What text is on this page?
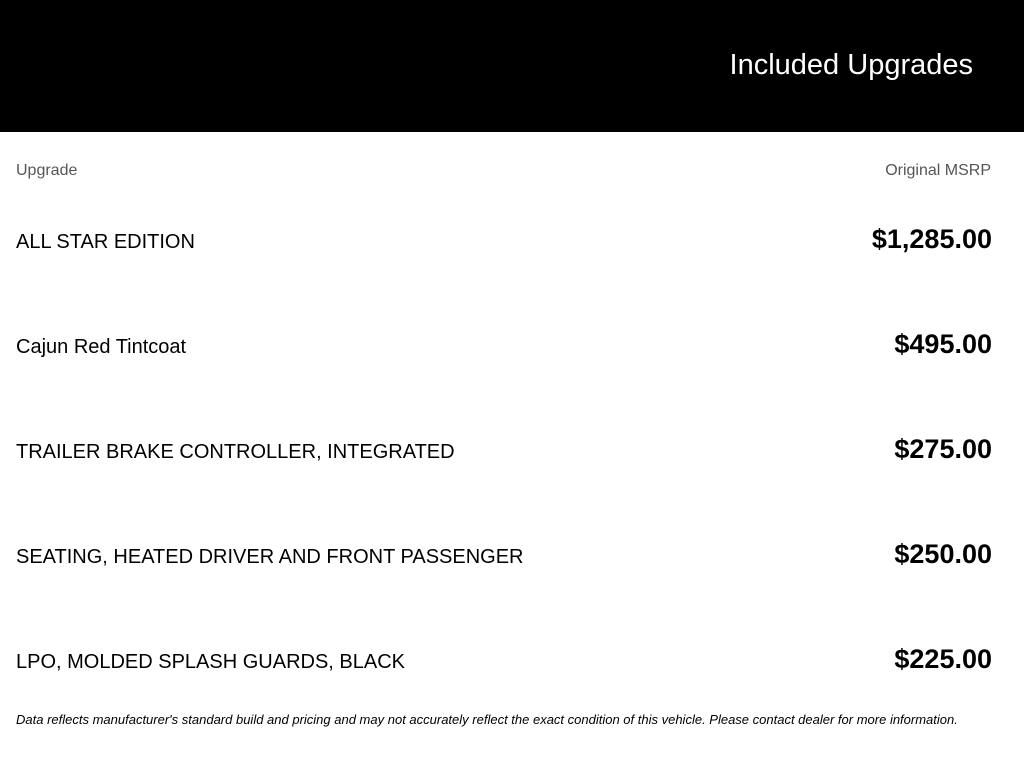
Included Upgrades
Upgrade	Original MSRP
ALL STAR EDITION	$1,285.00
Cajun Red Tintcoat	$495.00
TRAILER BRAKE CONTROLLER, INTEGRATED	$275.00
SEATING, HEATED DRIVER AND FRONT PASSENGER	$250.00
LPO, MOLDED SPLASH GUARDS, BLACK	$225.00

Data reflects manufacturer's standard build and pricing and may not accurately reflect the exact condition of this vehicle. Please contact dealer for more information.
